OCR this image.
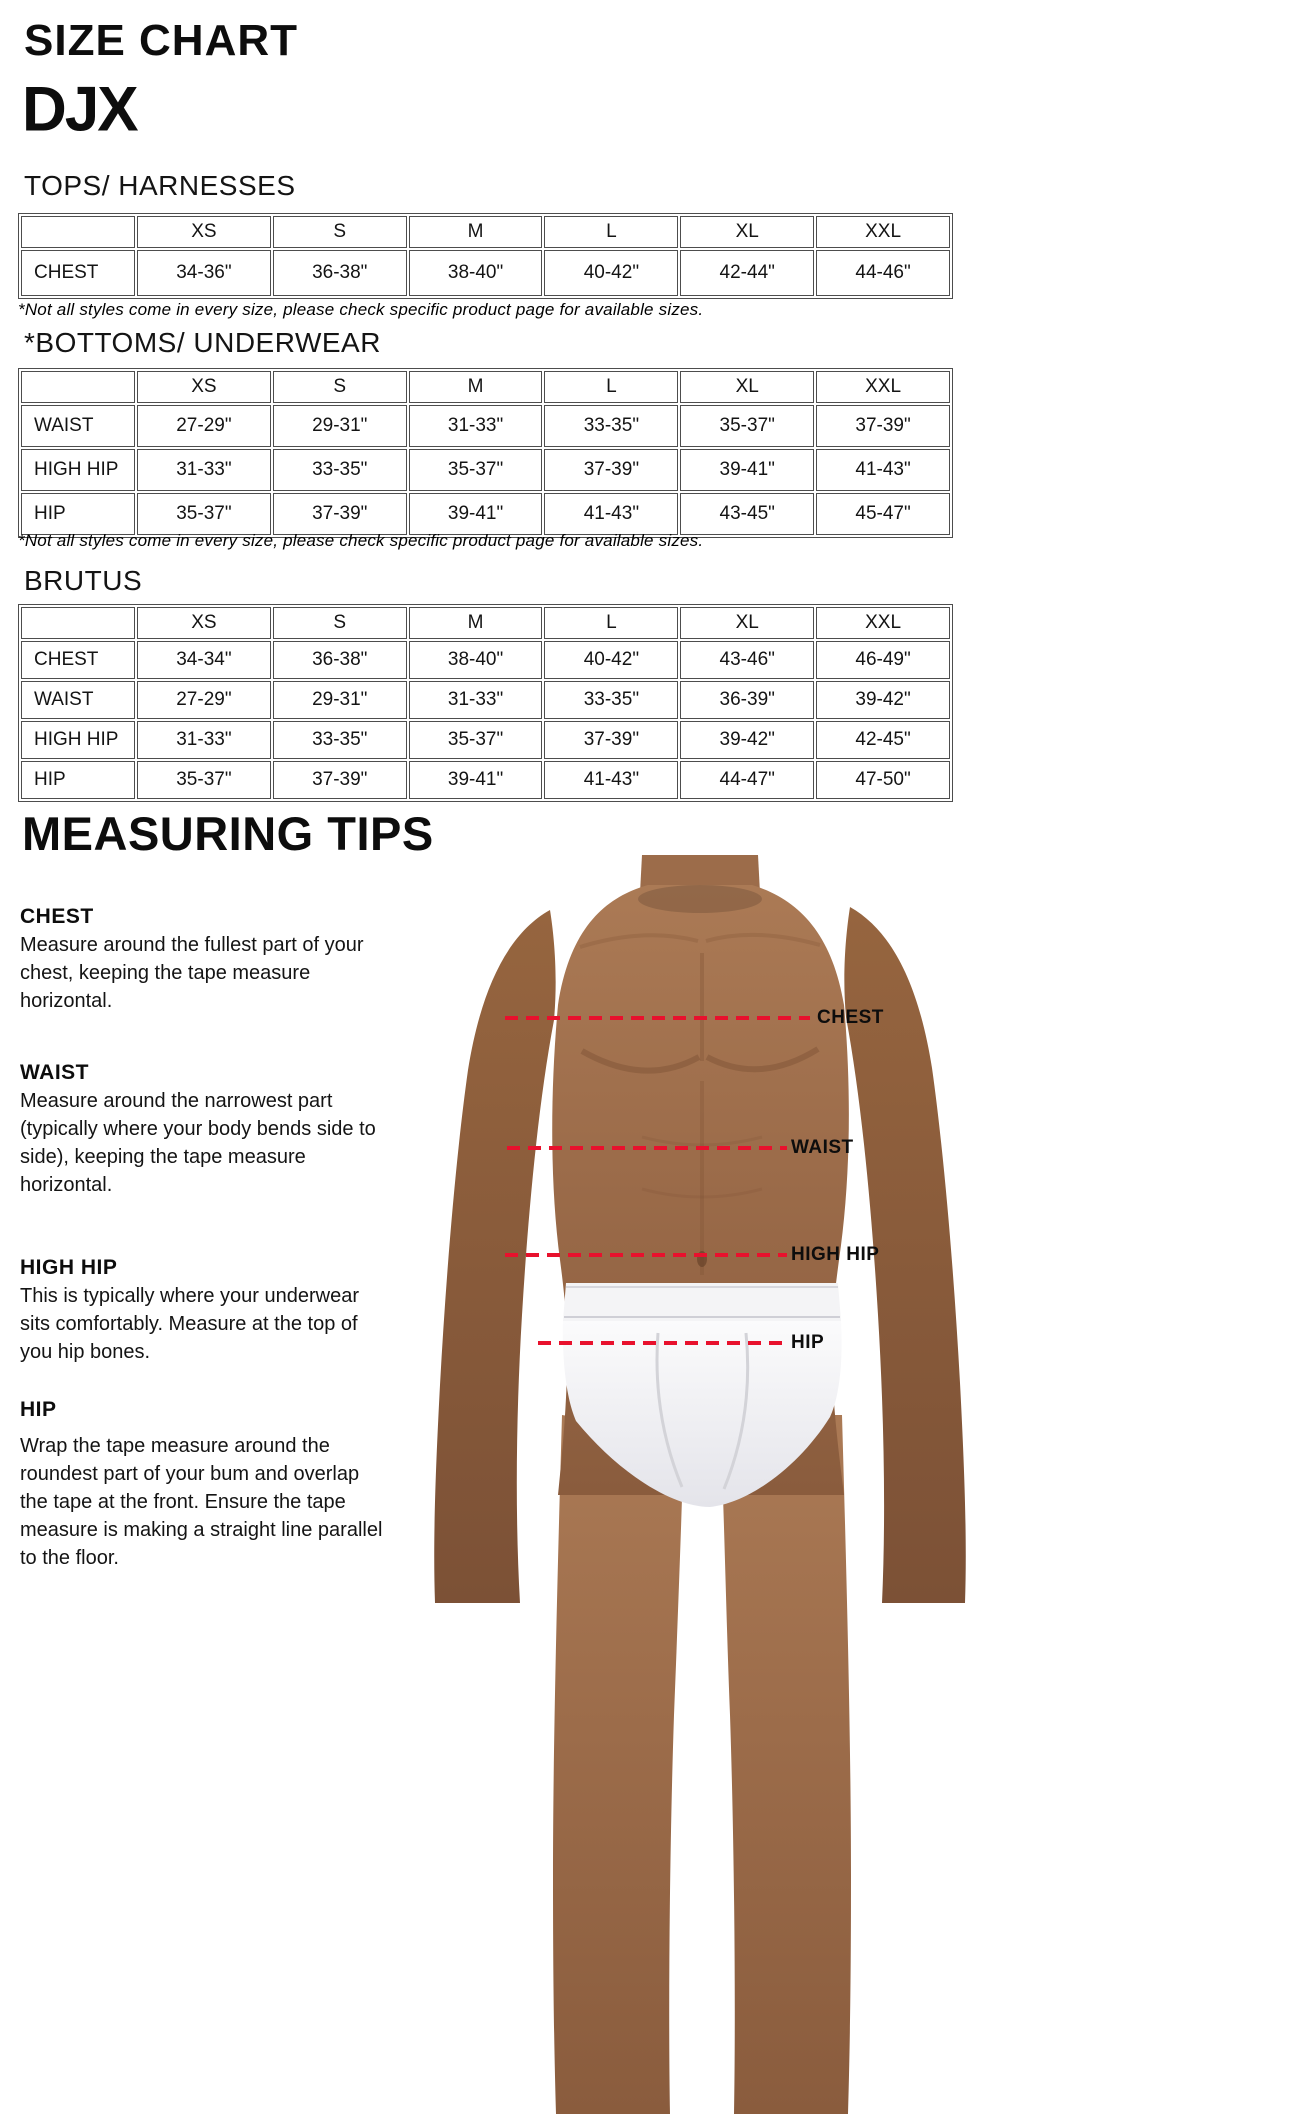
SIZE CHART
DJX
TOPS/ HARNESSES
	XS	S	M	L	XL	XXL
CHEST	34-36"	36-38"	38-40"	40-42"	42-44"	44-46"
*Not all styles come in every size, please check specific product page for available sizes.
*BOTTOMS/ UNDERWEAR
	XS	S	M	L	XL	XXL
WAIST	27-29"	29-31"	31-33"	33-35"	35-37"	37-39"
HIGH HIP	31-33"	33-35"	35-37"	37-39"	39-41"	41-43"
HIP	35-37"	37-39"	39-41"	41-43"	43-45"	45-47"
*Not all styles come in every size, please check specific product page for available sizes.
BRUTUS
	XS	S	M	L	XL	XXL
CHEST	34-34"	36-38"	38-40"	40-42"	43-46"	46-49"
WAIST	27-29"	29-31"	31-33"	33-35"	36-39"	39-42"
HIGH HIP	31-33"	33-35"	35-37"	37-39"	39-42"	42-45"
HIP	35-37"	37-39"	39-41"	41-43"	44-47"	47-50"
MEASURING TIPS
CHEST
Measure around the fullest part of your chest, keeping the tape measure horizontal.
WAIST
Measure around the narrowest part (typically where your body bends side to side), keeping the tape measure horizontal.
HIGH HIP
This is typically where your underwear sits comfortably. Measure at the top of you hip bones.
HIP
Wrap the tape measure around the roundest part of your bum and overlap the tape at the front. Ensure the tape measure is making a straight line parallel to the floor.
CHEST
WAIST
HIGH HIP
HIP
